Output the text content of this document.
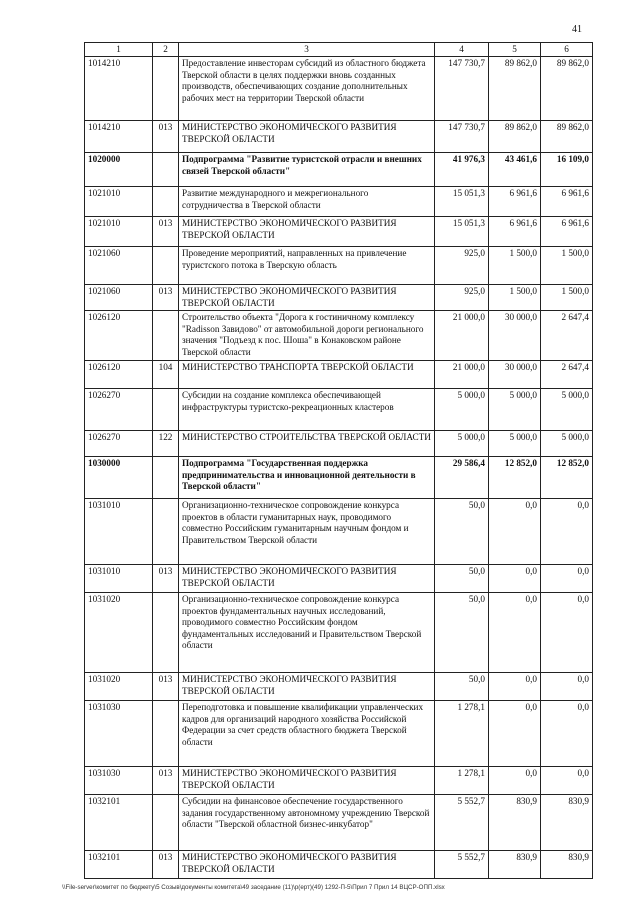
41
1	2	3	4	5	6
1014210		Предоставление инвесторам субсидий из областного бюджета Тверской области в целях поддержки вновь созданных производств, обеспечивающих создание дополнительных рабочих мест на территории Тверской области	147 730,7	89 862,0	89 862,0
1014210	013	МИНИСТЕРСТВО ЭКОНОМИЧЕСКОГО РАЗВИТИЯ ТВЕРСКОЙ ОБЛАСТИ	147 730,7	89 862,0	89 862,0
1020000		Подпрограмма "Развитие туристской отрасли и внешних связей Тверской области"	41 976,3	43 461,6	16 109,0
1021010		Развитие международного и межрегионального сотрудничества в Тверской области	15 051,3	6 961,6	6 961,6
1021010	013	МИНИСТЕРСТВО ЭКОНОМИЧЕСКОГО РАЗВИТИЯ ТВЕРСКОЙ ОБЛАСТИ	15 051,3	6 961,6	6 961,6
1021060		Проведение мероприятий, направленных на привлечение туристского потока в Тверскую область	925,0	1 500,0	1 500,0
1021060	013	МИНИСТЕРСТВО ЭКОНОМИЧЕСКОГО РАЗВИТИЯ ТВЕРСКОЙ ОБЛАСТИ	925,0	1 500,0	1 500,0
1026120		Строительство объекта "Дорога к гостиничному комплексу "Radisson Завидово" от автомобильной дороги регионального значения "Подъезд к пос. Шоша" в Конаковском районе Тверской области	21 000,0	30 000,0	2 647,4
1026120	104	МИНИСТЕРСТВО ТРАНСПОРТА ТВЕРСКОЙ ОБЛАСТИ	21 000,0	30 000,0	2 647,4
1026270		Субсидии на создание комплекса обеспечивающей инфраструктуры туристско-рекреационных кластеров	5 000,0	5 000,0	5 000,0
1026270	122	МИНИСТЕРСТВО СТРОИТЕЛЬСТВА ТВЕРСКОЙ ОБЛАСТИ	5 000,0	5 000,0	5 000,0
1030000		Подпрограмма "Государственная поддержка предпринимательства и инновационной деятельности в Тверской области"	29 586,4	12 852,0	12 852,0
1031010		Организационно-техническое сопровождение конкурса проектов в области гуманитарных наук, проводимого совместно Российским гуманитарным научным фондом и Правительством Тверской области	50,0	0,0	0,0
1031010	013	МИНИСТЕРСТВО ЭКОНОМИЧЕСКОГО РАЗВИТИЯ ТВЕРСКОЙ ОБЛАСТИ	50,0	0,0	0,0
1031020		Организационно-техническое сопровождение конкурса проектов фундаментальных научных исследований, проводимого совместно Российским фондом фундаментальных исследований и Правительством Тверской области	50,0	0,0	0,0
1031020	013	МИНИСТЕРСТВО ЭКОНОМИЧЕСКОГО РАЗВИТИЯ ТВЕРСКОЙ ОБЛАСТИ	50,0	0,0	0,0
1031030		Переподготовка и повышение квалификации управленческих кадров для организаций народного хозяйства Российской Федерации за счет средств областного бюджета Тверской области	1 278,1	0,0	0,0
1031030	013	МИНИСТЕРСТВО ЭКОНОМИЧЕСКОГО РАЗВИТИЯ ТВЕРСКОЙ ОБЛАСТИ	1 278,1	0,0	0,0
1032101		Субсидии на финансовое обеспечение государственного задания государственному автономному учреждению Тверской области "Тверской областной бизнес-инкубатор"	5 552,7	830,9	830,9
1032101	013	МИНИСТЕРСТВО ЭКОНОМИЧЕСКОГО РАЗВИТИЯ ТВЕРСКОЙ ОБЛАСТИ	5 552,7	830,9	830,9
\\File-server\комитет по бюджету\5 Созыв\документы комитета\49 заседание (11)\р(ерт)(49) 1292-П-5\Прил 7 Прил 14 ВЦСР-ОПП.xlsx
